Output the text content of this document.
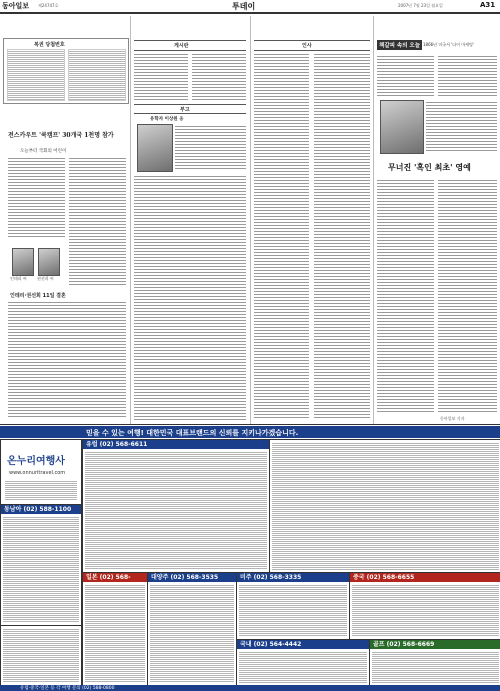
동아일보 제24747호	투데이	2007년 7월 23일 월요일	A31
복권 당첨번호
전스카우트 '쿡캠프' 30개국 1천명 참가
오늘부터 국회의 어린이
인테리 씨	권선희 씨
인테리·권선희 11일 결혼
게시판
부고
유학자 이상원 옹
인사	책갈피 속의 오늘 1866년 미국서 '다이 마케팅'
무너진 '혹인 최초' 영예
동아일보 기자
믿을 수 있는 여행! 대한민국 대표브랜드의 신뢰를 지키나가겠습니다.
온누리여행사
www.onnuritravel.com
유럽 (02) 568-6611
동남아 (02) 588-1100
일본 (02) 568-	대양주 (02) 568-3535	미주 (02) 568-3335	중국 (02) 568-6655
국내 (02) 564-4442	골프 (02) 568-6669
유럽·중국·일본 등 각 여행 문의 (02) 588-0800
